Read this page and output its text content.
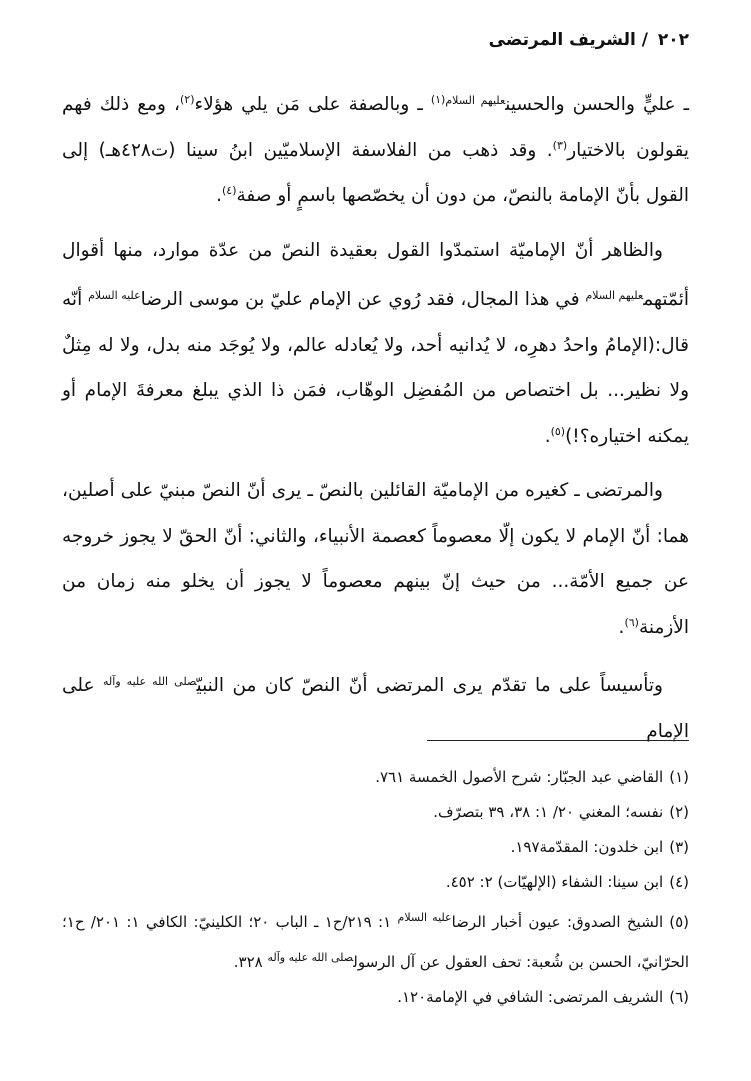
٢٠٢ / الشريف المرتضى

ـ عليٍّ والحسن والحسين$^{عليهم السلام(١)}$ ـ وبالصفة على مَن يلي هؤلاء$^{(٢)}$، ومع ذلك فهم يقولون بالاختيار$^{(٣)}$. وقد ذهب من الفلاسفة الإسلاميّين ابنُ سينا (ت٤٢٨هـ) إلى القول بأنّ الإمامة بالنصّ، من دون أن يخصّصها باسمٍ أو صفة$^{(٤)}$.

والظاهر أنّ الإماميّة استمدّوا القول بعقيدة النصّ من عدّة موارد، منها أقوال أئمّتهم$^{عليهم السلام}$ في هذا المجال، فقد رُوي عن الإمام عليّ بن موسى الرضا$^{عليه السلام}$ أنّه قال:(الإمامُ واحدُ دهرِه، لا يُدانيه أحد، ولا يُعادله عالم، ولا يُوجَد منه بدل، ولا له مِثلٌ ولا نظير... بل اختصاص من المُفضِل الوهّاب، فمَن ذا الذي يبلغ معرفةَ الإمام أو يمكنه اختياره؟!)$^{(٥)}$.

والمرتضى ـ كغيره من الإماميّة القائلين بالنصّ ـ يرى أنّ النصّ مبنيّ على أصلين، هما: أنّ الإمام لا يكون إلّا معصوماً كعصمة الأنبياء، والثاني: أنّ الحقّ لا يجوز خروجه عن جميع الأمّة... من حيث إنّ بينهم معصوماً لا يجوز أن يخلو منه زمان من الأزمنة$^{(٦)}$.

وتأسيساً على ما تقدّم يرى المرتضى أنّ النصّ كان من النبيّ$^{صلى الله عليه وآله}$ على الإمام

(١)القاضي عبد الجبّار: شرح الأصول الخمسة ٧٦١.

(٢)نفسه؛ المغني ٢٠/ ١: ٣٨، ٣٩ بتصرّف.

(٣)ابن خلدون: المقدّمة١٩٧.

(٤)ابن سينا: الشفاء (الإلهيّات) ٢: ٤٥٢.

(٥)الشيخ الصدوق: عيون أخبار الرضا$^{عليه السلام}$ ١: ٢١٩/ح١ ـ الباب ٢٠؛ الكلينيّ: الكافي ١: ٢٠١/ ح١؛ الحرّانيّ، الحسن بن شُعبة: تحف العقول عن آل الرسول$^{صلى الله عليه وآله}$ ٣٢٨.

(٦)الشريف المرتضى: الشافي في الإمامة١٢٠.
